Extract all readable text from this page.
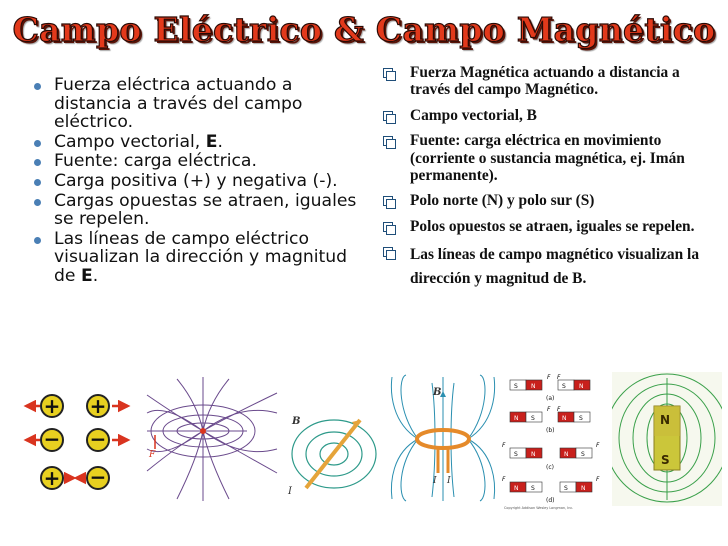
Campo Eléctrico & Campo Magnético
Fuerza eléctrica actuando a distancia a través del campo eléctrico.
Campo vectorial, E.
Fuente: carga eléctrica.
Carga positiva (+) y negativa (-).
Cargas opuestas se atraen, iguales se repelen.
Las líneas de campo eléctrico visualizan la dirección y magnitud de E.
Fuerza Magnética actuando a distancia a través del campo Magnético.
Campo vectorial, B
Fuente: carga eléctrica en movimiento (corriente o sustancia magnética, ej. Imán permanente).
Polo norte (N) y polo sur (S)
Polos opuestos se atraen, iguales se repelen.
Las líneas de campo magnético visualizan la dirección y magnitud de B.
+ +
− −
+ −
F
B
I
B
I I
S N	S N
F F
(a)
N S	N S
F F
(b)
S N	N S
F	F
(c)
N S	S N
F	F
(d)
Copyright Addison Wesley Longman, Inc.
N
S
